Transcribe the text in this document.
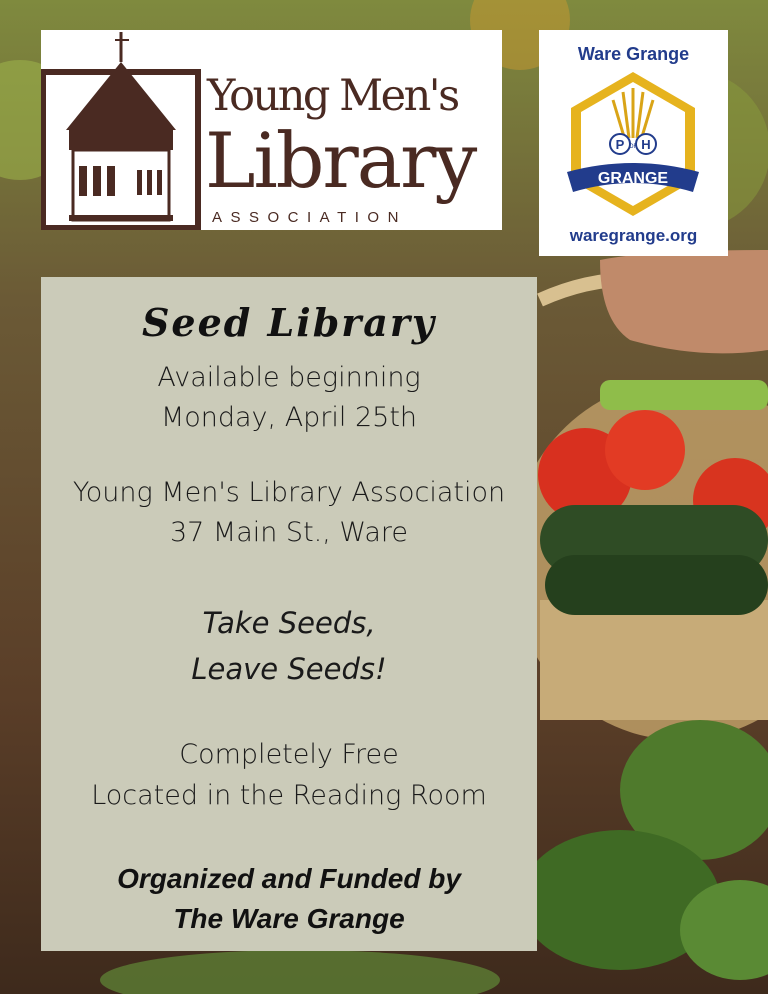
Young Men's
Library
ASSOCIATION
Ware Grange
P OF H
GRANGE
waregrange.org
Seed Library
Available beginning
Monday, April 25th
Young Men's Library Association
37 Main St., Ware
Take Seeds,
Leave Seeds!
Completely Free
Located in the Reading Room
Organized and Funded by
The Ware Grange
